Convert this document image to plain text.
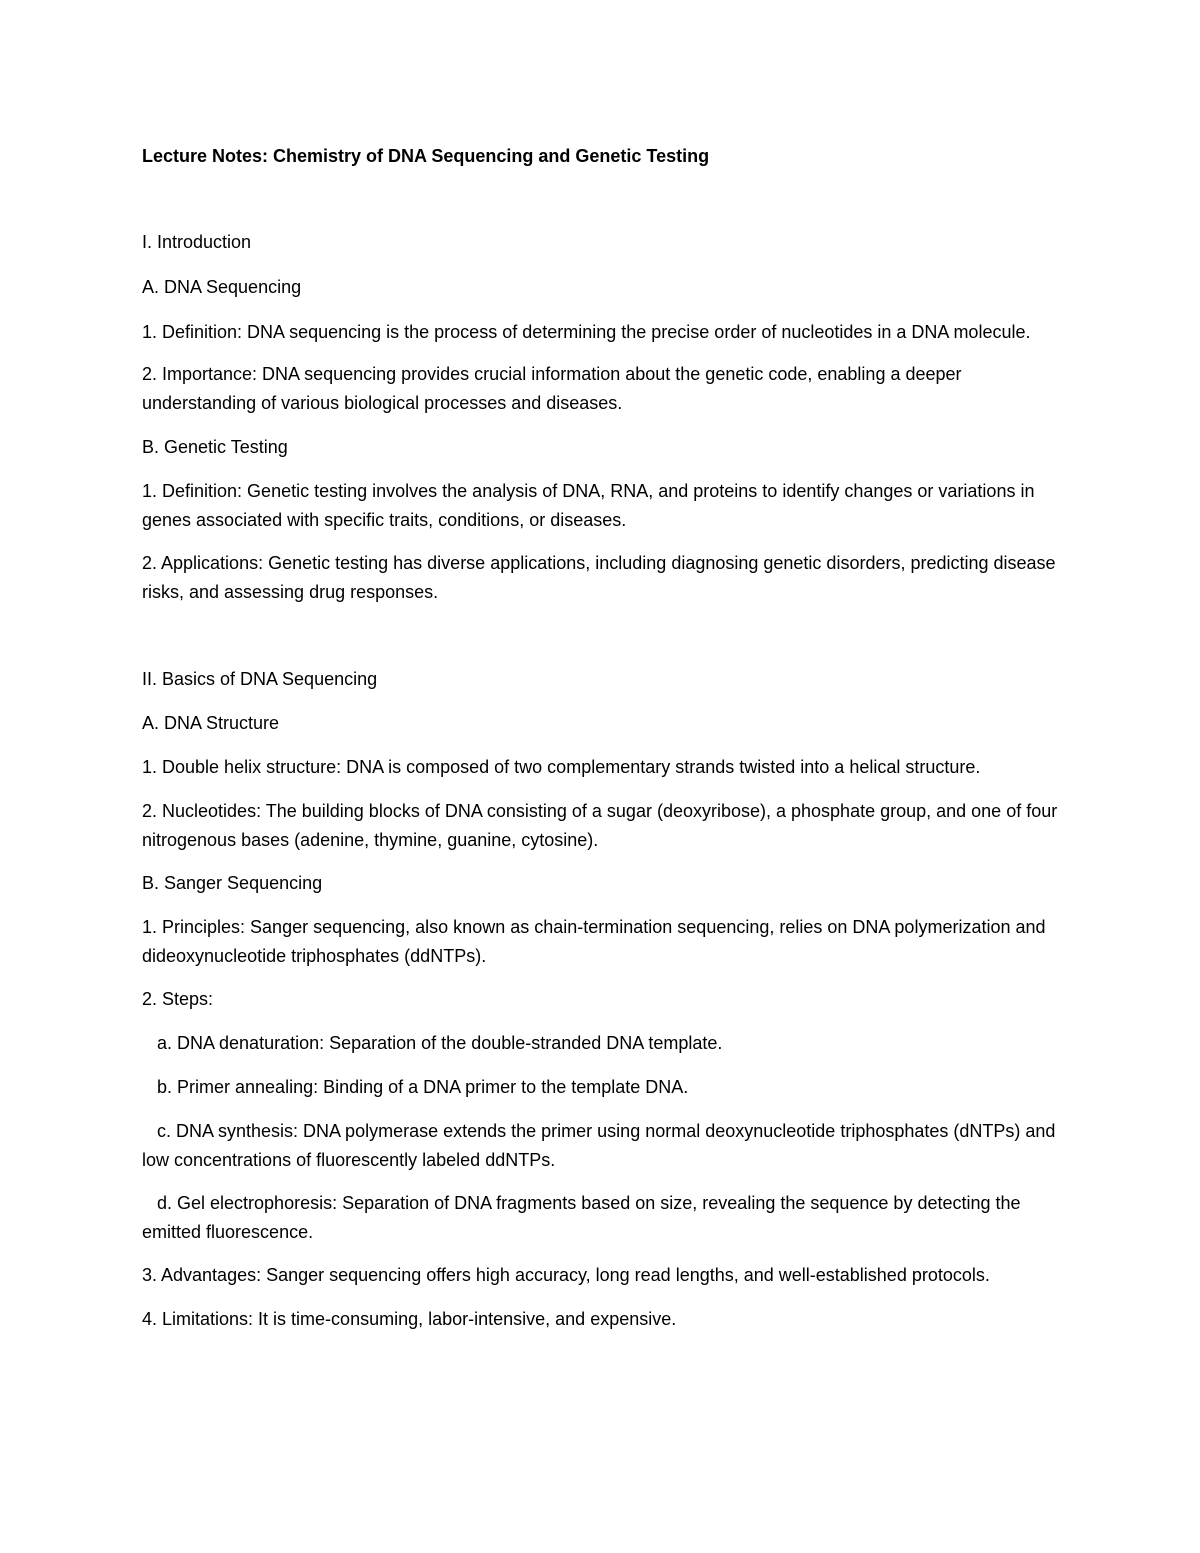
Lecture Notes: Chemistry of DNA Sequencing and Genetic Testing
I. Introduction
A. DNA Sequencing
1. Definition: DNA sequencing is the process of determining the precise order of nucleotides in a DNA molecule.
2. Importance: DNA sequencing provides crucial information about the genetic code, enabling a deeper understanding of various biological processes and diseases.
B. Genetic Testing
1. Definition: Genetic testing involves the analysis of DNA, RNA, and proteins to identify changes or variations in genes associated with specific traits, conditions, or diseases.
2. Applications: Genetic testing has diverse applications, including diagnosing genetic disorders, predicting disease risks, and assessing drug responses.
II. Basics of DNA Sequencing
A. DNA Structure
1. Double helix structure: DNA is composed of two complementary strands twisted into a helical structure.
2. Nucleotides: The building blocks of DNA consisting of a sugar (deoxyribose), a phosphate group, and one of four nitrogenous bases (adenine, thymine, guanine, cytosine).
B. Sanger Sequencing
1. Principles: Sanger sequencing, also known as chain-termination sequencing, relies on DNA polymerization and dideoxynucleotide triphosphates (ddNTPs).
2. Steps:
a. DNA denaturation: Separation of the double-stranded DNA template.
b. Primer annealing: Binding of a DNA primer to the template DNA.
c. DNA synthesis: DNA polymerase extends the primer using normal deoxynucleotide triphosphates (dNTPs) and low concentrations of fluorescently labeled ddNTPs.
d. Gel electrophoresis: Separation of DNA fragments based on size, revealing the sequence by detecting the emitted fluorescence.
3. Advantages: Sanger sequencing offers high accuracy, long read lengths, and well-established protocols.
4. Limitations: It is time-consuming, labor-intensive, and expensive.
